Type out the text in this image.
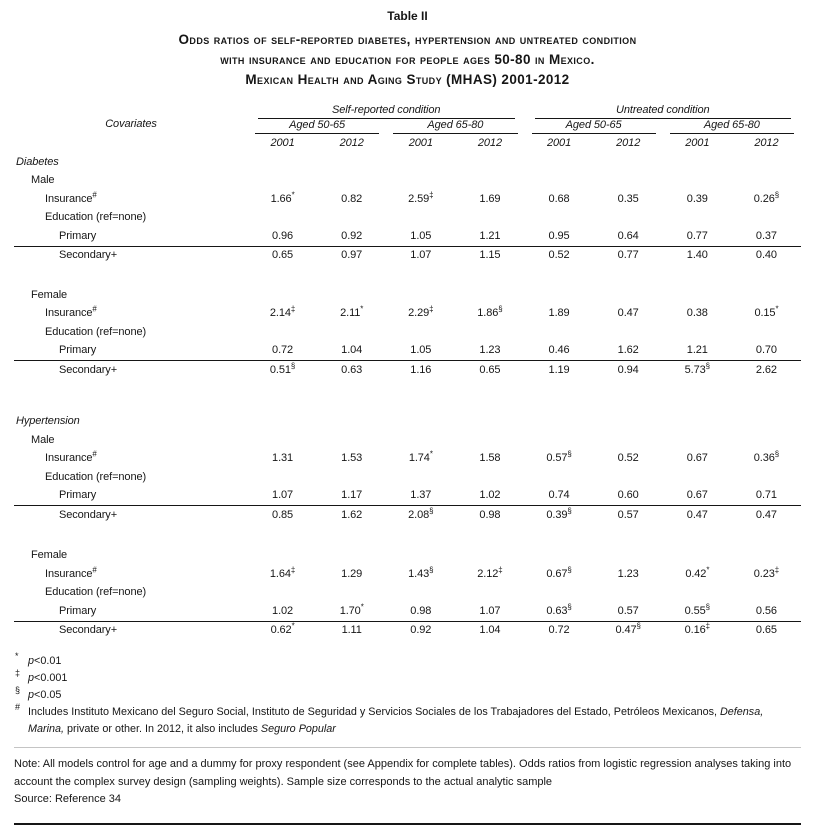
Table II
Odds ratios of self-reported diabetes, hypertension and untreated condition
with insurance and education for people ages 50-80 in Mexico.
Mexican Health and Aging Study (MHAS) 2001-2012
Covariates	Self-reported condition				Untreated condition			

	Aged 50-65		Aged 65-80		Aged 50-65		Aged 65-80	

	2001	2012	2001	2012	2001	2012	2001	2012
Diabetes								
Male								
Insurance#	1.66*	0.82	2.59‡	1.69	0.68	0.35	0.39	0.26§
Education (ref=none)								
Primary	0.96	0.92	1.05	1.21	0.95	0.64	0.77	0.37
Secondary+	0.65	0.97	1.07	1.15	0.52	0.77	1.40	0.40

Female								
Insurance#	2.14‡	2.11*	2.29‡	1.86§	1.89	0.47	0.38	0.15*
Education (ref=none)								
Primary	0.72	1.04	1.05	1.23	0.46	1.62	1.21	0.70
Secondary+	0.51§	0.63	1.16	0.65	1.19	0.94	5.73§	2.62

Hypertension								
Male								
Insurance#	1.31	1.53	1.74*	1.58	0.57§	0.52	0.67	0.36§
Education (ref=none)								
Primary	1.07	1.17	1.37	1.02	0.74	0.60	0.67	0.71
Secondary+	0.85	1.62	2.08§	0.98	0.39§	0.57	0.47	0.47

Female								
Insurance#	1.64‡	1.29	1.43§	2.12‡	0.67§	1.23	0.42*	0.23‡
Education (ref=none)								
Primary	1.02	1.70*	0.98	1.07	0.63§	0.57	0.55§	0.56
Secondary+	0.62*	1.11	0.92	1.04	0.72	0.47§	0.16‡	0.65
* p<0.01
‡ p<0.001
§ p<0.05
# Includes Instituto Mexicano del Seguro Social, Instituto de Seguridad y Servicios Sociales de los Trabajadores del Estado, Petróleos Mexicanos, Defensa, Marina, private or other. In 2012, it also includes Seguro Popular
Note: All models control for age and a dummy for proxy respondent (see Appendix for complete tables). Odds ratios from logistic regression analyses taking into account the complex survey design (sampling weights). Sample size corresponds to the actual analytic sample
Source: Reference 34
